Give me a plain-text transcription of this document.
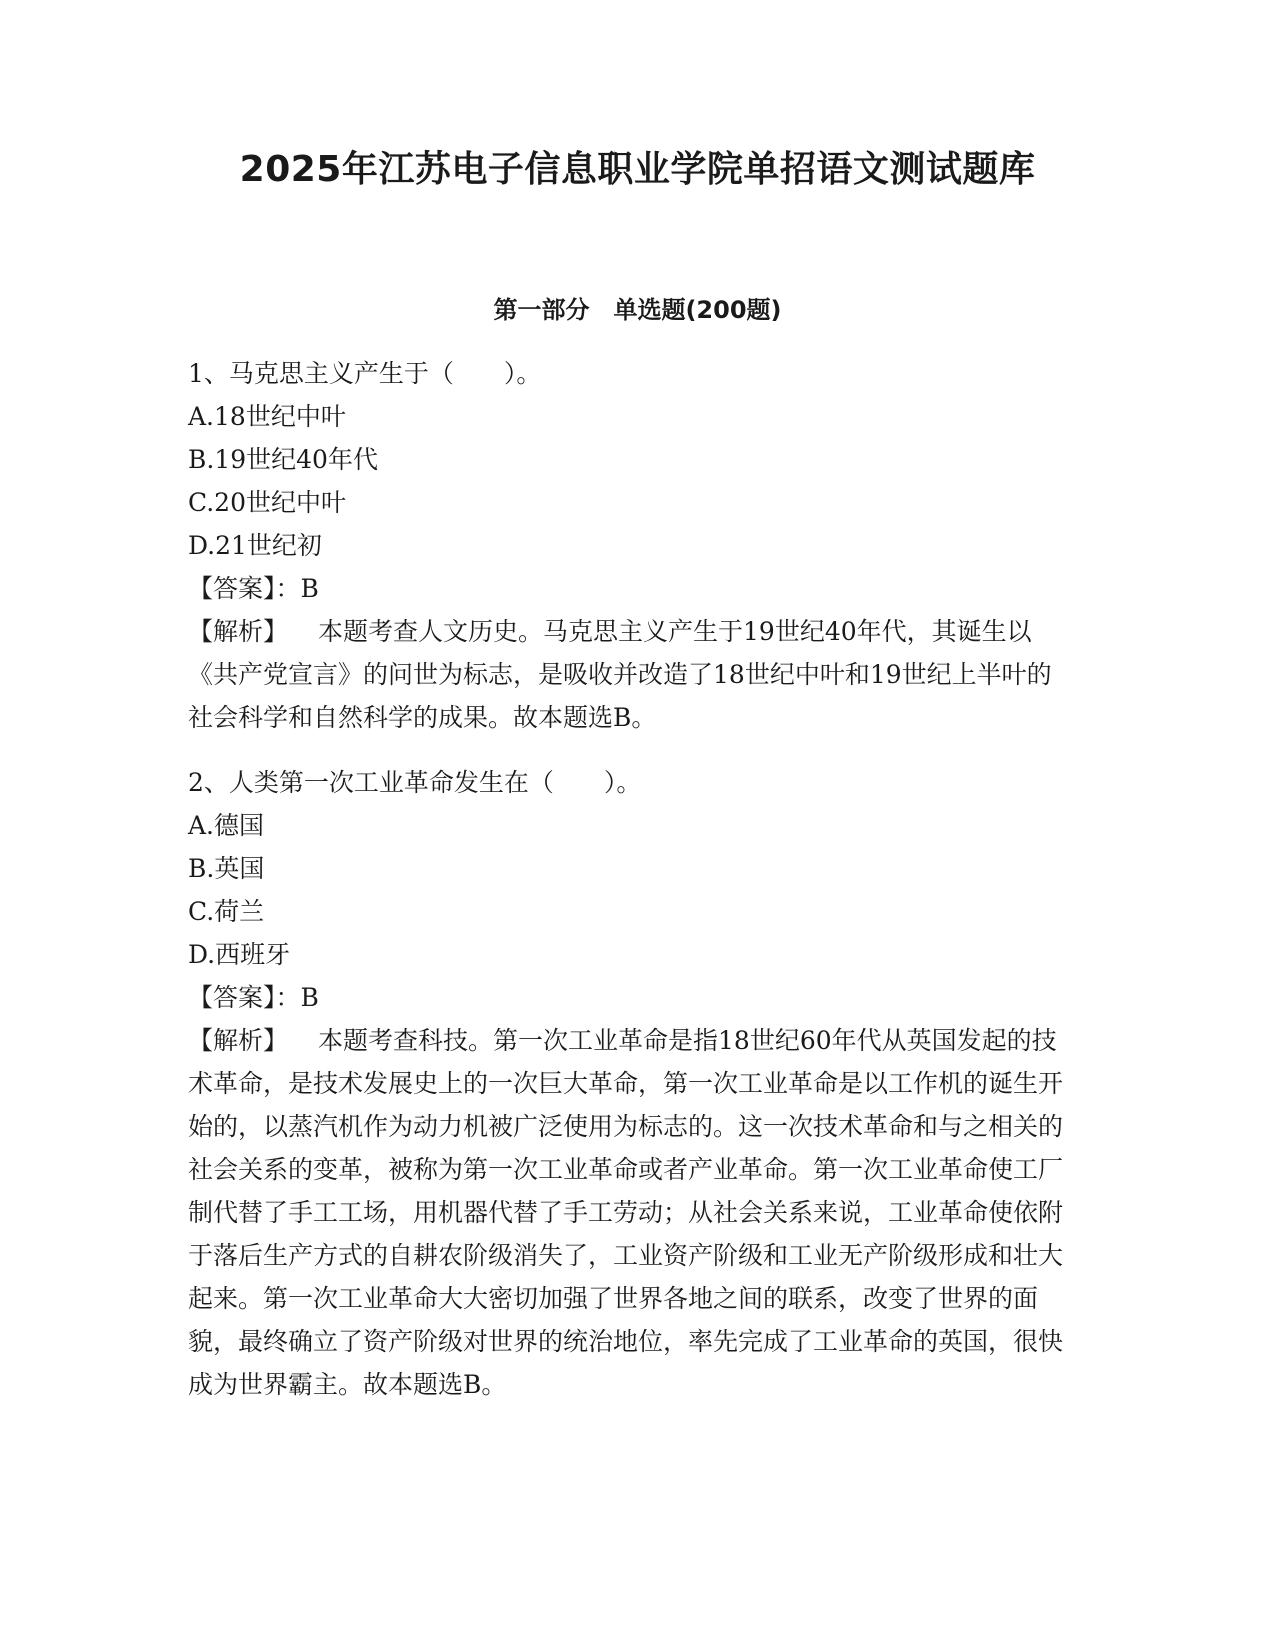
2025年江苏电子信息职业学院单招语文测试题库
第一部分　单选题(200题)
1、马克思主义产生于（　　）。
A.18世纪中叶
B.19世纪40年代
C.20世纪中叶
D.21世纪初
【答案】：B
【解析】 本题考查人文历史。马克思主义产生于19世纪40年代，其诞生以《共产党宣言》的问世为标志，是吸收并改造了18世纪中叶和19世纪上半叶的社会科学和自然科学的成果。故本题选B。
2、人类第一次工业革命发生在（　　）。
A.德国
B.英国
C.荷兰
D.西班牙
【答案】：B
【解析】 本题考查科技。第一次工业革命是指18世纪60年代从英国发起的技术革命，是技术发展史上的一次巨大革命，第一次工业革命是以工作机的诞生开始的，以蒸汽机作为动力机被广泛使用为标志的。这一次技术革命和与之相关的社会关系的变革，被称为第一次工业革命或者产业革命。第一次工业革命使工厂制代替了手工工场，用机器代替了手工劳动；从社会关系来说，工业革命使依附于落后生产方式的自耕农阶级消失了，工业资产阶级和工业无产阶级形成和壮大起来。第一次工业革命大大密切加强了世界各地之间的联系，改变了世界的面貌，最终确立了资产阶级对世界的统治地位，率先完成了工业革命的英国，很快成为世界霸主。故本题选B。
